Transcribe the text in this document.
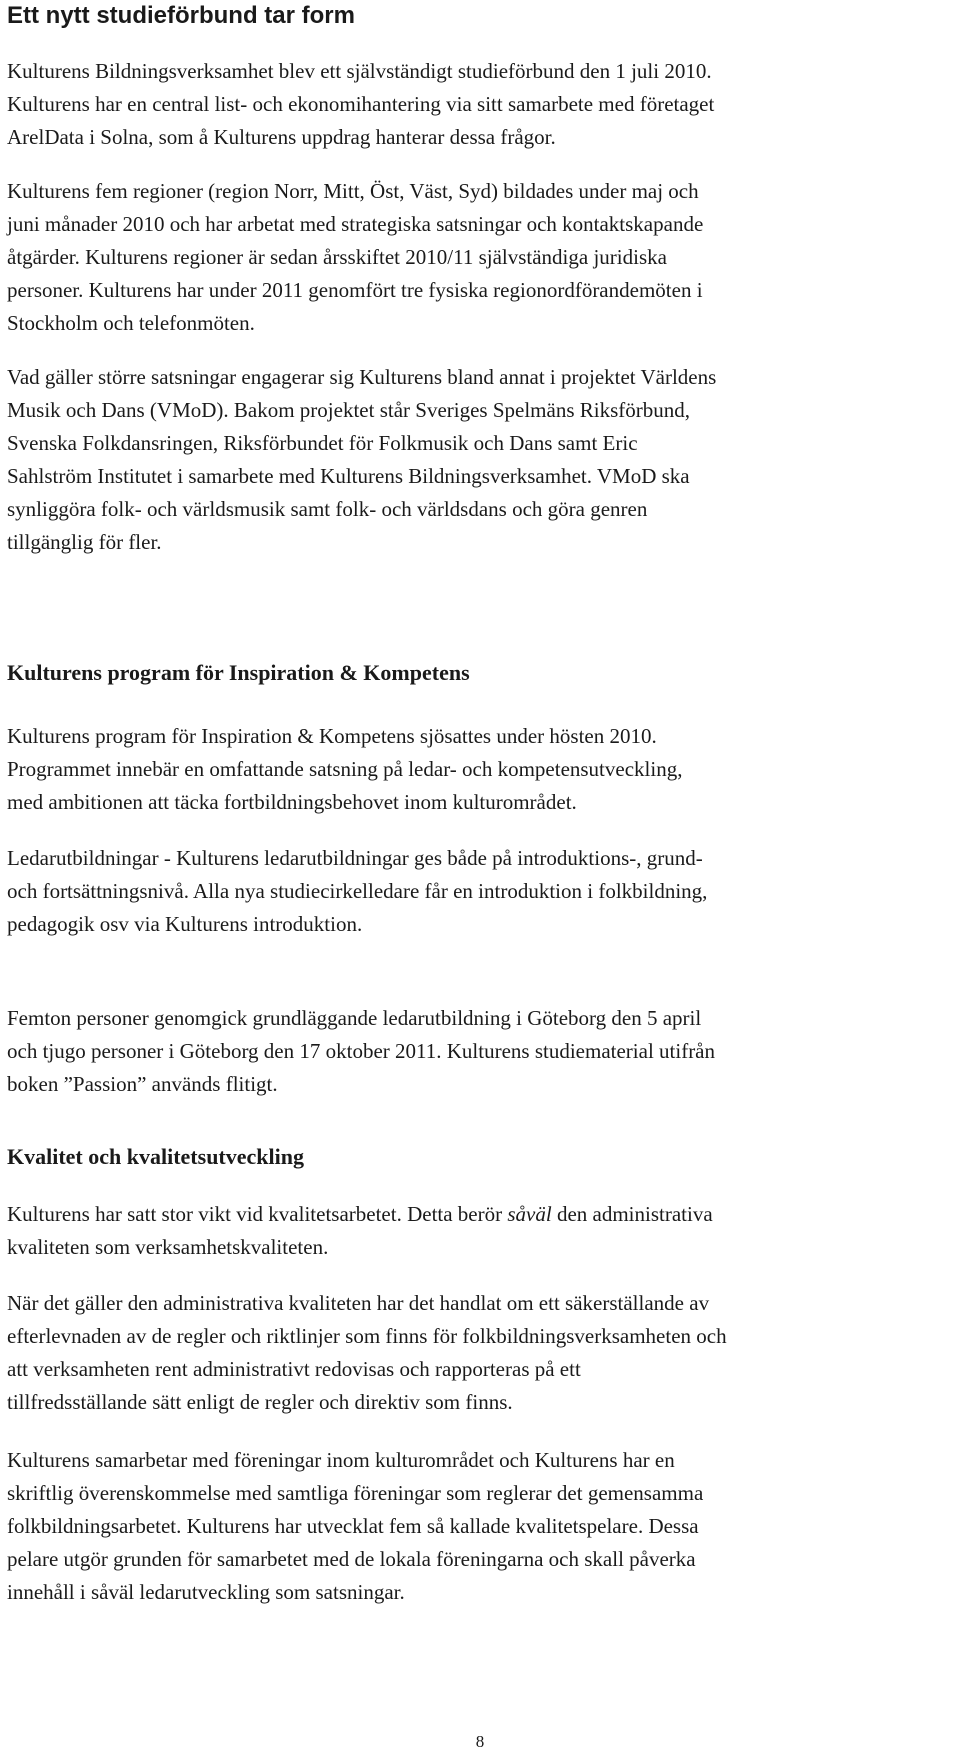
Ett nytt studieförbund tar form

Kulturens Bildningsverksamhet blev ett självständigt studieförbund den 1 juli 2010.
Kulturens har en central list- och ekonomihantering via sitt samarbete med företaget
ArelData i Solna, som å Kulturens uppdrag hanterar dessa frågor.

Kulturens fem regioner (region Norr, Mitt, Öst, Väst, Syd) bildades under maj och
juni månader 2010 och har arbetat med strategiska satsningar och kontaktskapande
åtgärder. Kulturens regioner är sedan årsskiftet 2010/11 självständiga juridiska
personer. Kulturens har under 2011 genomfört tre fysiska regionordförandemöten i
Stockholm och telefonmöten.

Vad gäller större satsningar engagerar sig Kulturens bland annat i projektet Världens
Musik och Dans (VMoD). Bakom projektet står Sveriges Spelmäns Riksförbund,
Svenska Folkdansringen, Riksförbundet för Folkmusik och Dans samt Eric
Sahlström Institutet i samarbete med Kulturens Bildningsverksamhet. VMoD ska
synliggöra folk- och världsmusik samt folk- och världsdans och göra genren
tillgänglig för fler.

Kulturens program för Inspiration & Kompetens

Kulturens program för Inspiration & Kompetens sjösattes under hösten 2010.
Programmet innebär en omfattande satsning på ledar- och kompetensutveckling,
med ambitionen att täcka fortbildningsbehovet inom kulturområdet.

Ledarutbildningar - Kulturens ledarutbildningar ges både på introduktions-, grund-
och fortsättningsnivå. Alla nya studiecirkelledare får en introduktion i folkbildning,
pedagogik osv via Kulturens introduktion.

Femton personer genomgick grundläggande ledarutbildning i Göteborg den 5 april
och tjugo personer i Göteborg den 17 oktober 2011. Kulturens studiematerial utifrån
boken ”Passion” används flitigt.

Kvalitet och kvalitetsutveckling

Kulturens har satt stor vikt vid kvalitetsarbetet. Detta berör såväl den administrativa
kvaliteten som verksamhetskvaliteten.

När det gäller den administrativa kvaliteten har det handlat om ett säkerställande av
efterlevnaden av de regler och riktlinjer som finns för folkbildningsverksamheten och
att verksamheten rent administrativt redovisas och rapporteras på ett
tillfredsställande sätt enligt de regler och direktiv som finns.

Kulturens samarbetar med föreningar inom kulturområdet och Kulturens har en
skriftlig överenskommelse med samtliga föreningar som reglerar det gemensamma
folkbildningsarbetet. Kulturens har utvecklat fem så kallade kvalitetspelare. Dessa
pelare utgör grunden för samarbetet med de lokala föreningarna och skall påverka
innehåll i såväl ledarutveckling som satsningar.

8
